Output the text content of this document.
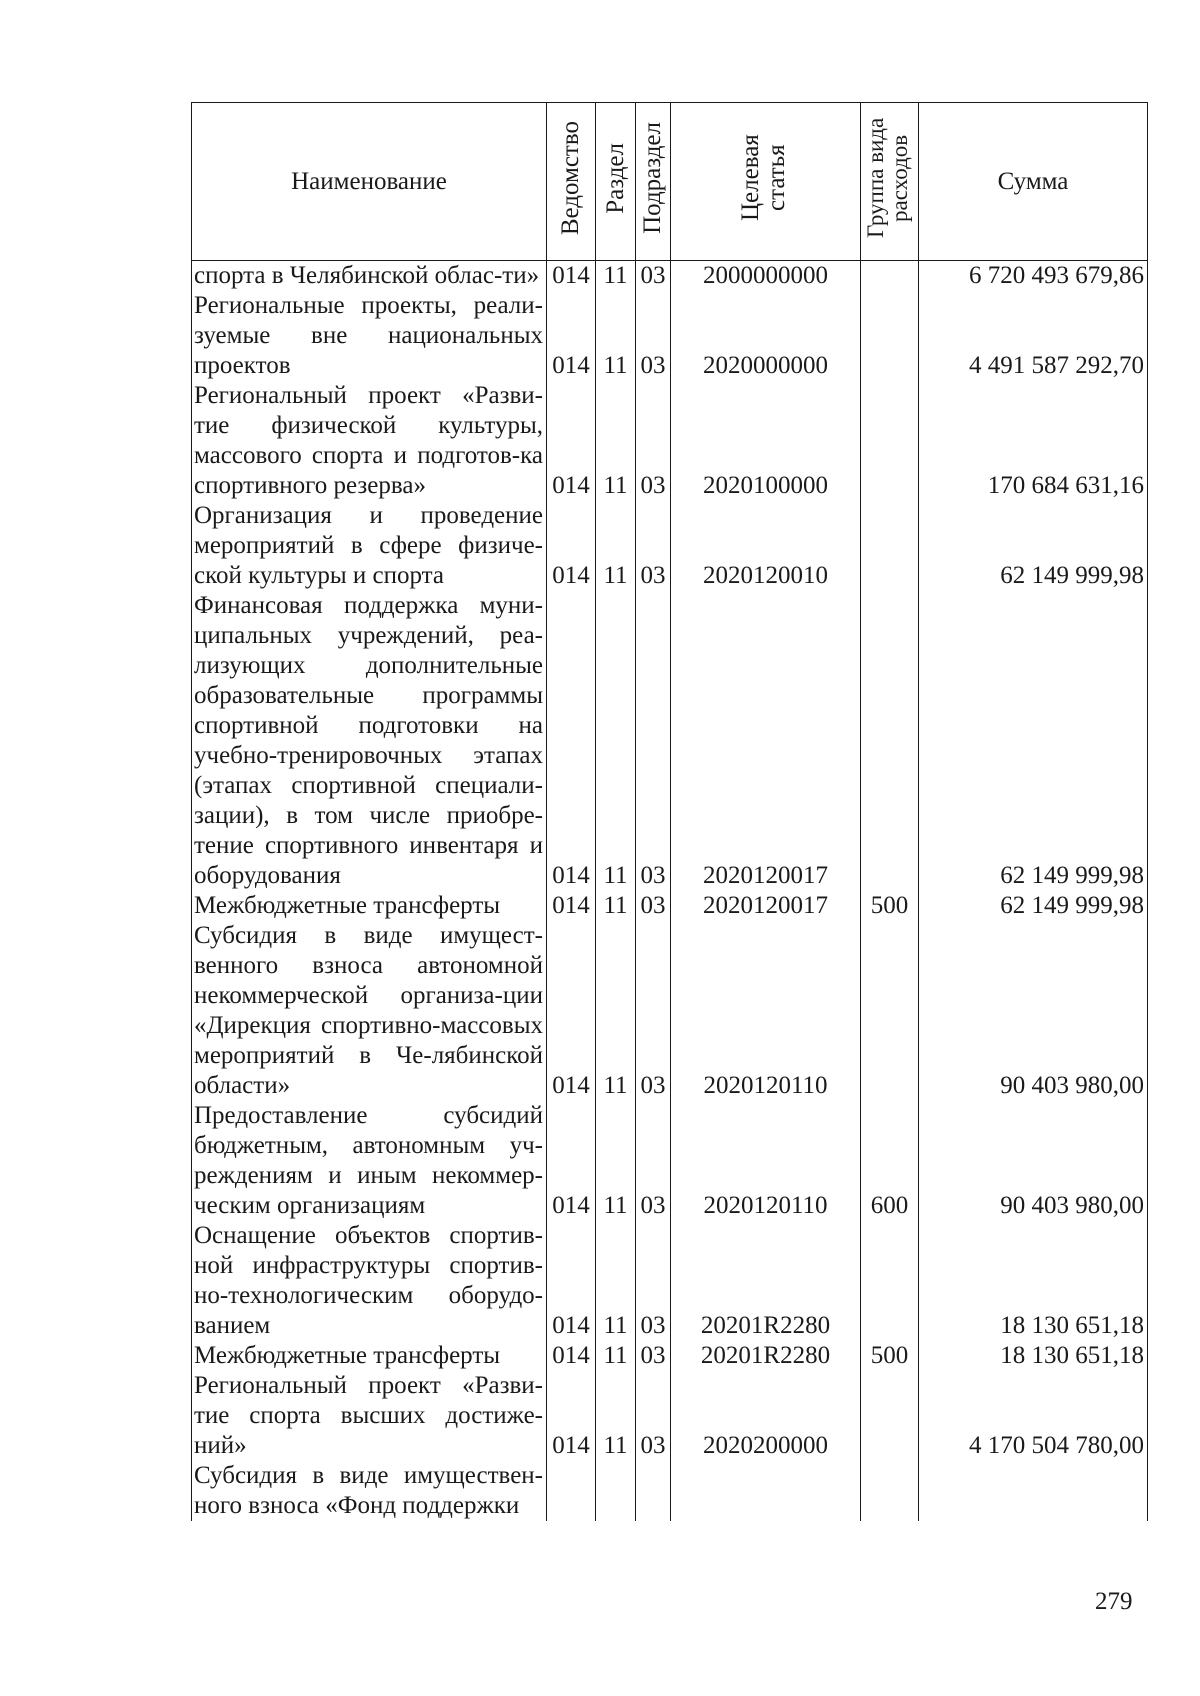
Наименование	Ведомство	Раздел	Подраздел	Целевая статья	Группа вида расходов	Сумма
спорта в Челябинской облас-ти»	014	11	03	2000000000		6 720 493 679,86
Региональные проекты, реали-зуемые вне национальных проектов	014	11	03	2020000000		4 491 587 292,70
Региональный проект «Разви-тие физической культуры, массового спорта и подготов-ка спортивного резерва»	014	11	03	2020100000		170 684 631,16
Организация и проведение мероприятий в сфере физиче-ской культуры и спорта	014	11	03	2020120010		62 149 999,98
Финансовая поддержка муни-ципальных учреждений, реа-лизующих дополнительные образовательные программы спортивной подготовки на учебно-тренировочных этапах (этапах спортивной специали-зации), в том числе приобре-тение спортивного инвентаря и оборудования	014	11	03	2020120017		62 149 999,98
Межбюджетные трансферты	014	11	03	2020120017	500	62 149 999,98
Субсидия в виде имущест-венного взноса автономной некоммерческой организа-ции «Дирекция спортивно-массовых мероприятий в Че-лябинской области»	014	11	03	2020120110		90 403 980,00
Предоставление субсидий бюджетным, автономным уч-реждениям и иным некоммер-ческим организациям	014	11	03	2020120110	600	90 403 980,00
Оснащение объектов спортив-ной инфраструктуры спортив-но-технологическим оборудо-ванием	014	11	03	20201R2280		18 130 651,18
Межбюджетные трансферты	014	11	03	20201R2280	500	18 130 651,18
Региональный проект «Разви-тие спорта высших достиже-ний»	014	11	03	2020200000		4 170 504 780,00
Субсидия в виде имуществен-ного взноса «Фонд поддержки						
279
